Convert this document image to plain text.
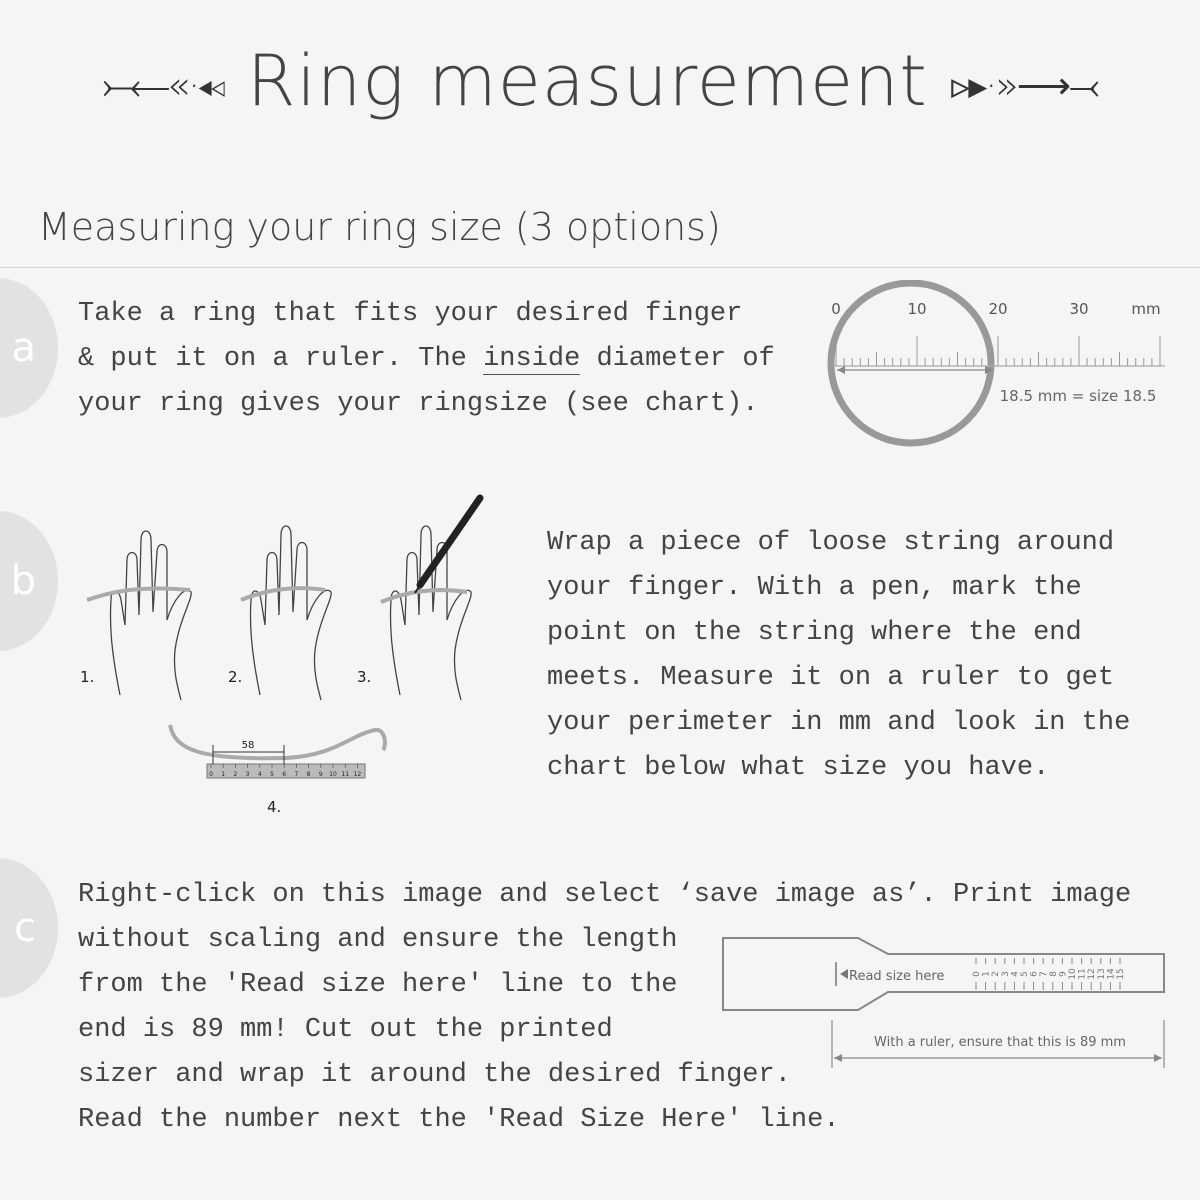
⤚⟵«·◂◃ Ring measurement ▹▸·»⟶⤙
Measuring your ring size (3 options)
a
Take a ring that fits your desired finger
& put it on a ruler. The inside diameter of
your ring gives your ringsize (see chart).
0	10	20	30	mm
18.5 mm = size 18.5
b
1.	2.	3.
4.
0 1 2 3 4 5 6 7 8 9 10 11 12
58
Wrap a piece of loose string around
your finger. With a pen, mark the
point on the string where the end
meets. Measure it on a ruler to get
your perimeter in mm and look in the
chart below what size you have.
c
Right-click on this image and select ‘save image as’. Print image
without scaling and ensure the length
from the 'Read size here' line to the
end is 89 mm! Cut out the printed
sizer and wrap it around the desired finger.
Read the number next the 'Read Size Here' line.
Read size here	0 1 2 3 4 5 6 7 8 9 10 11 12 13 14 15
With a ruler, ensure that this is 89 mm
